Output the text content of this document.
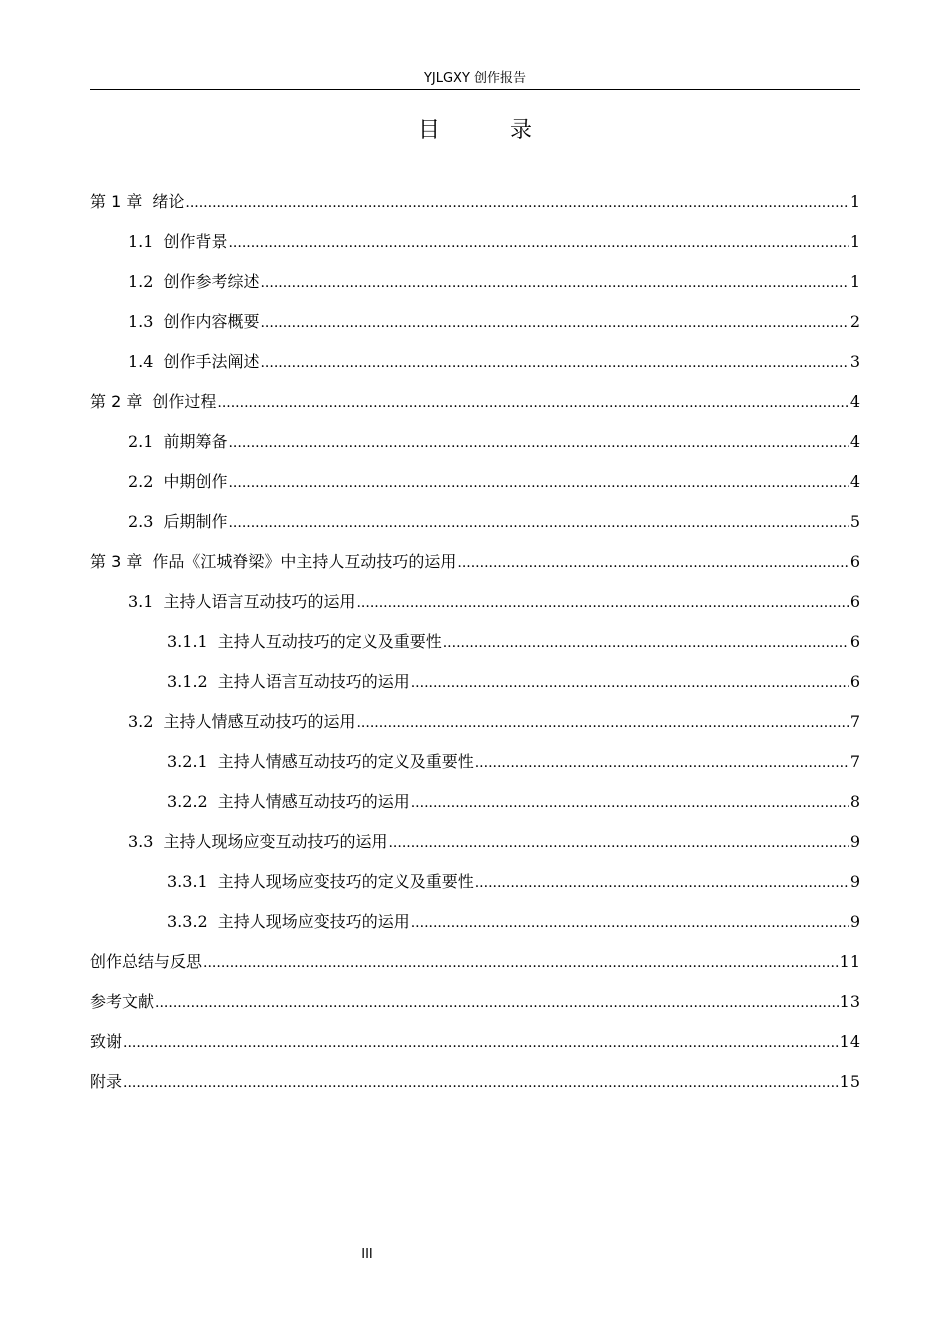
YJLGXY 创作报告
目录
第 1 章 绪论 .....	1
1.1 创作背景 .....	1
1.2 创作参考综述 .....	1
1.3 创作内容概要 .....	2
1.4 创作手法阐述 .....	3
第 2 章 创作过程 .....	4
2.1 前期筹备 .....	4
2.2 中期创作 .....	4
2.3 后期制作 .....	5
第 3 章 作品《江城脊梁》中主持人互动技巧的运用 .....	6
3.1 主持人语言互动技巧的运用 .....	6
3.1.1 主持人互动技巧的定义及重要性 .....	6
3.1.2 主持人语言互动技巧的运用 .....	6
3.2 主持人情感互动技巧的运用 .....	7
3.2.1 主持人情感互动技巧的定义及重要性 .....	7
3.2.2 主持人情感互动技巧的运用 .....	8
3.3 主持人现场应变互动技巧的运用 .....	9
3.3.1 主持人现场应变技巧的定义及重要性 .....	9
3.3.2 主持人现场应变技巧的运用 .....	9
创作总结与反思 .....	11
参考文献 .....	13
致谢 .....	14
附录 .....	15
III
